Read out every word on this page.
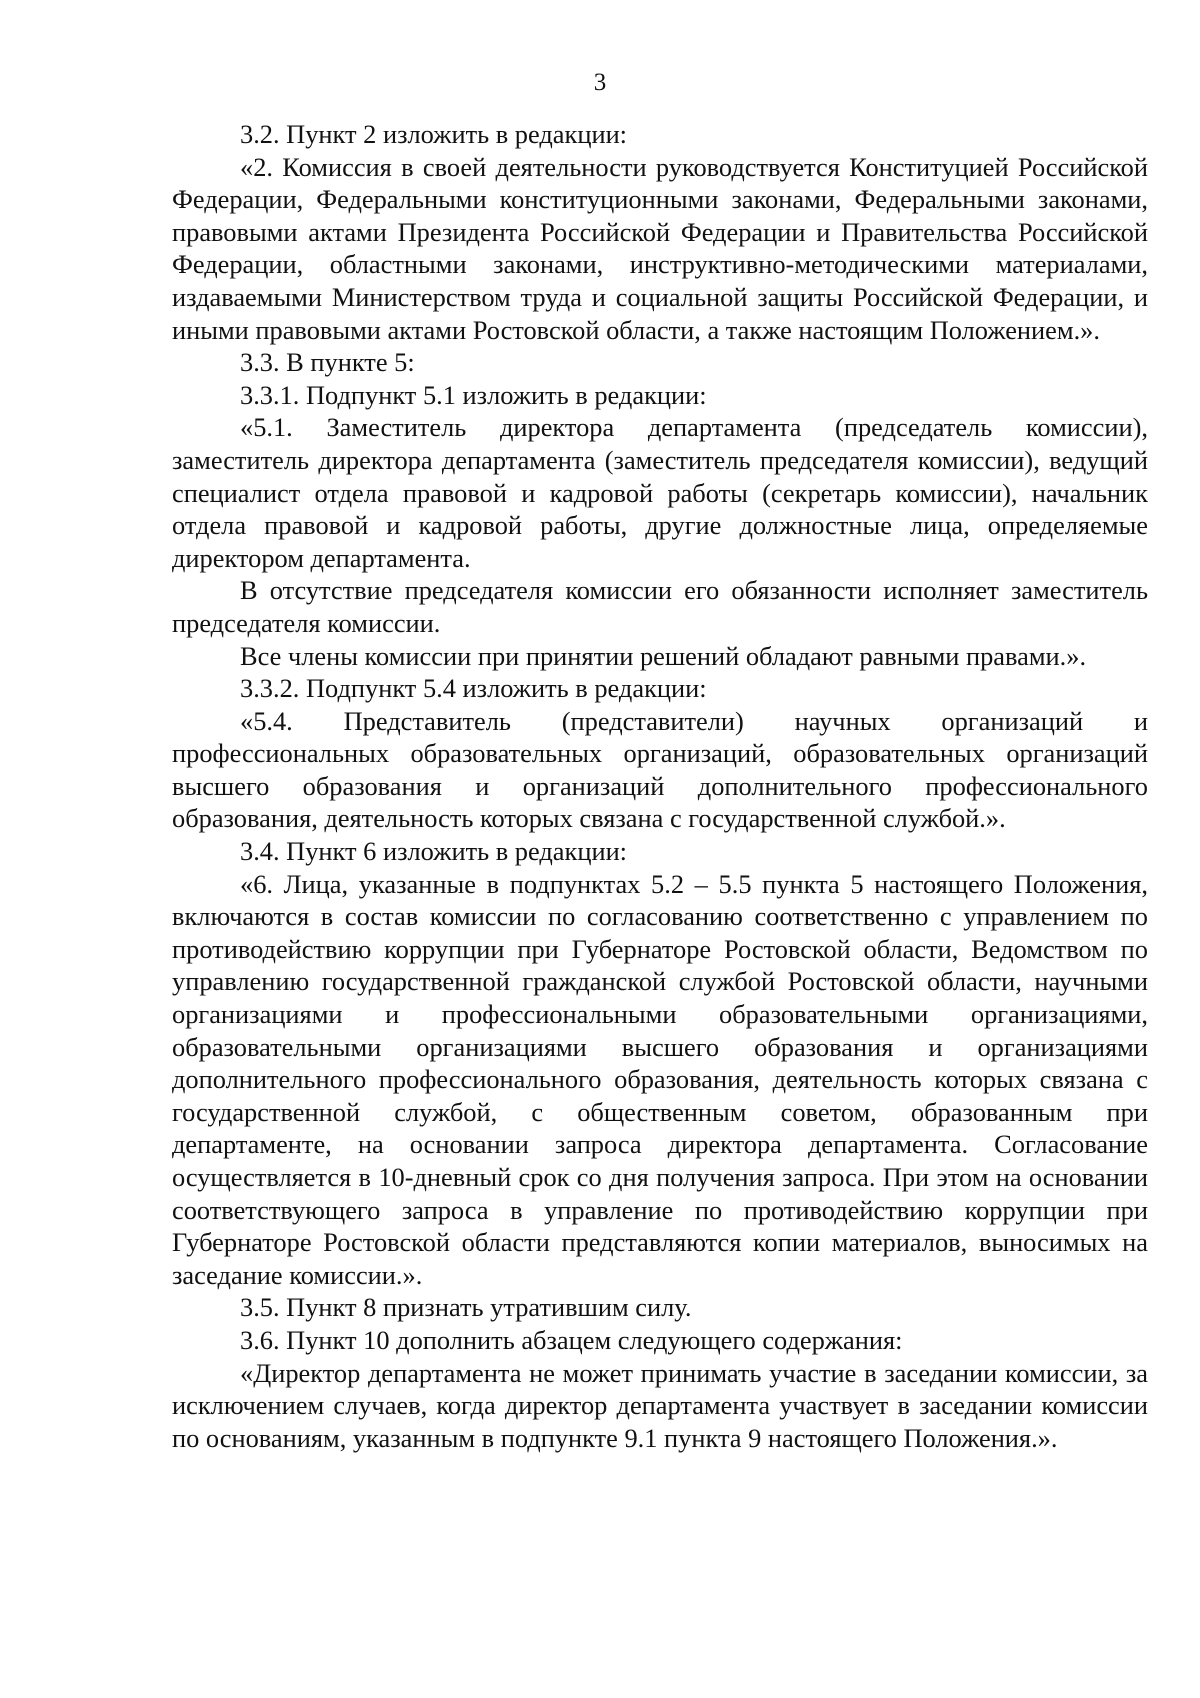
3

3.2. Пункт 2 изложить в редакции:

«2. Комиссия в своей деятельности руководствуется Конституцией Российской Федерации, Федеральными конституционными законами, Федеральными законами, правовыми актами Президента Российской Федерации и Правительства Российской Федерации, областными законами, инструктивно-методическими материалами, издаваемыми Министерством труда и социальной защиты Российской Федерации, и иными правовыми актами Ростовской области, а также настоящим Положением.».

3.3. В пункте 5:

3.3.1. Подпункт 5.1 изложить в редакции:

«5.1. Заместитель директора департамента (председатель комиссии), заместитель директора департамента (заместитель председателя комиссии), ведущий специалист отдела правовой и кадровой работы (секретарь комиссии), начальник отдела правовой и кадровой работы, другие должностные лица, определяемые директором департамента.

В отсутствие председателя комиссии его обязанности исполняет заместитель председателя комиссии.

Все члены комиссии при принятии решений обладают равными правами.».

3.3.2. Подпункт 5.4 изложить в редакции:

«5.4. Представитель (представители) научных организаций и профессиональных образовательных организаций, образовательных организаций высшего образования и организаций дополнительного профессионального образования, деятельность которых связана с государственной службой.».

3.4. Пункт 6 изложить в редакции:

«6. Лица, указанные в подпунктах 5.2 – 5.5 пункта 5 настоящего Положения, включаются в состав комиссии по согласованию соответственно с управлением по противодействию коррупции при Губернаторе Ростовской области, Ведомством по управлению государственной гражданской службой Ростовской области, научными организациями и профессиональными образовательными организациями, образовательными организациями высшего образования и организациями дополнительного профессионального образования, деятельность которых связана с государственной службой, с общественным советом, образованным при департаменте, на основании запроса директора департамента. Согласование осуществляется в 10-дневный срок со дня получения запроса. При этом на основании соответствующего запроса в управление по противодействию коррупции при Губернаторе Ростовской области представляются копии материалов, выносимых на заседание комиссии.».

3.5. Пункт 8 признать утратившим силу.

3.6. Пункт 10 дополнить абзацем следующего содержания:

«Директор департамента не может принимать участие в заседании комиссии, за исключением случаев, когда директор департамента участвует в заседании комиссии по основаниям, указанным в подпункте 9.1 пункта 9 настоящего Положения.».
